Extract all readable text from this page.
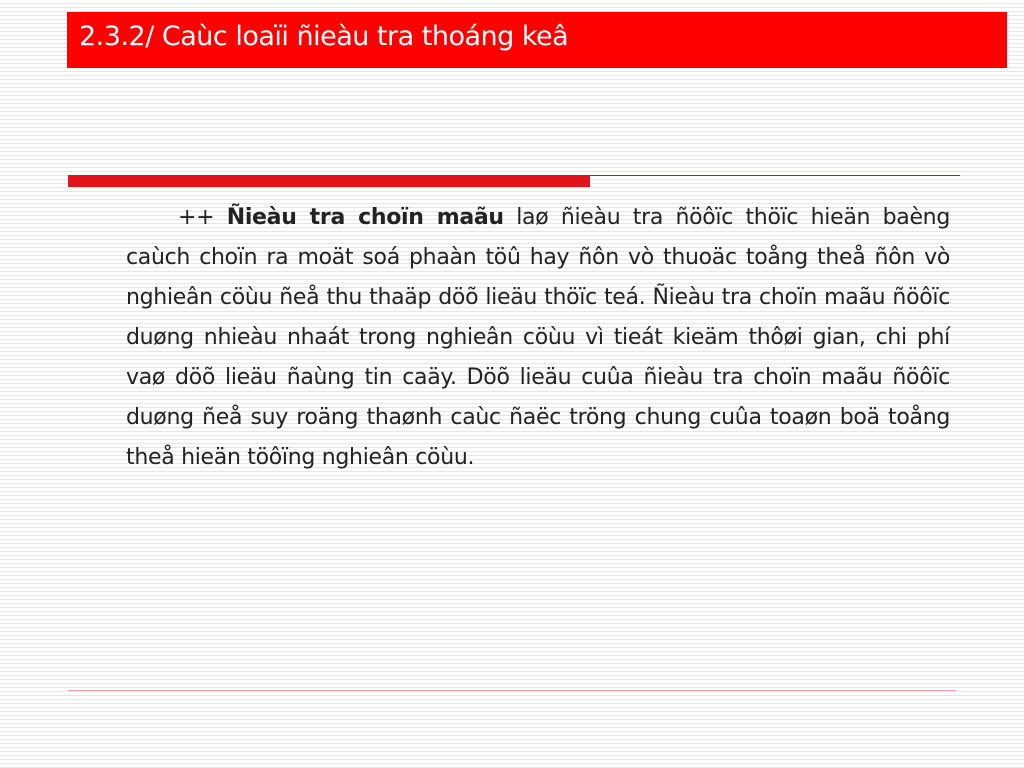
2.3.2/ Caùc loaïi ñieàu tra thoáng keâ
++ Ñieàu tra choïn maãu laø ñieàu tra ñöôïc thöïc hieän baèng caùch choïn ra moät soá phaàn töû hay ñôn vò thuoäc toång theå ñôn vò nghieân cöùu ñeå thu thaäp döõ lieäu thöïc teá. Ñieàu tra choïn maãu ñöôïc duøng nhieàu nhaát trong nghieân cöùu vì tieát kieäm thôøi gian, chi phí vaø döõ lieäu ñaùng tin caäy. Döõ lieäu cuûa ñieàu tra choïn maãu ñöôïc duøng ñeå suy roäng thaønh caùc ñaëc tröng chung cuûa toaøn boä toång theå hieän töôïng nghieân cöùu.
